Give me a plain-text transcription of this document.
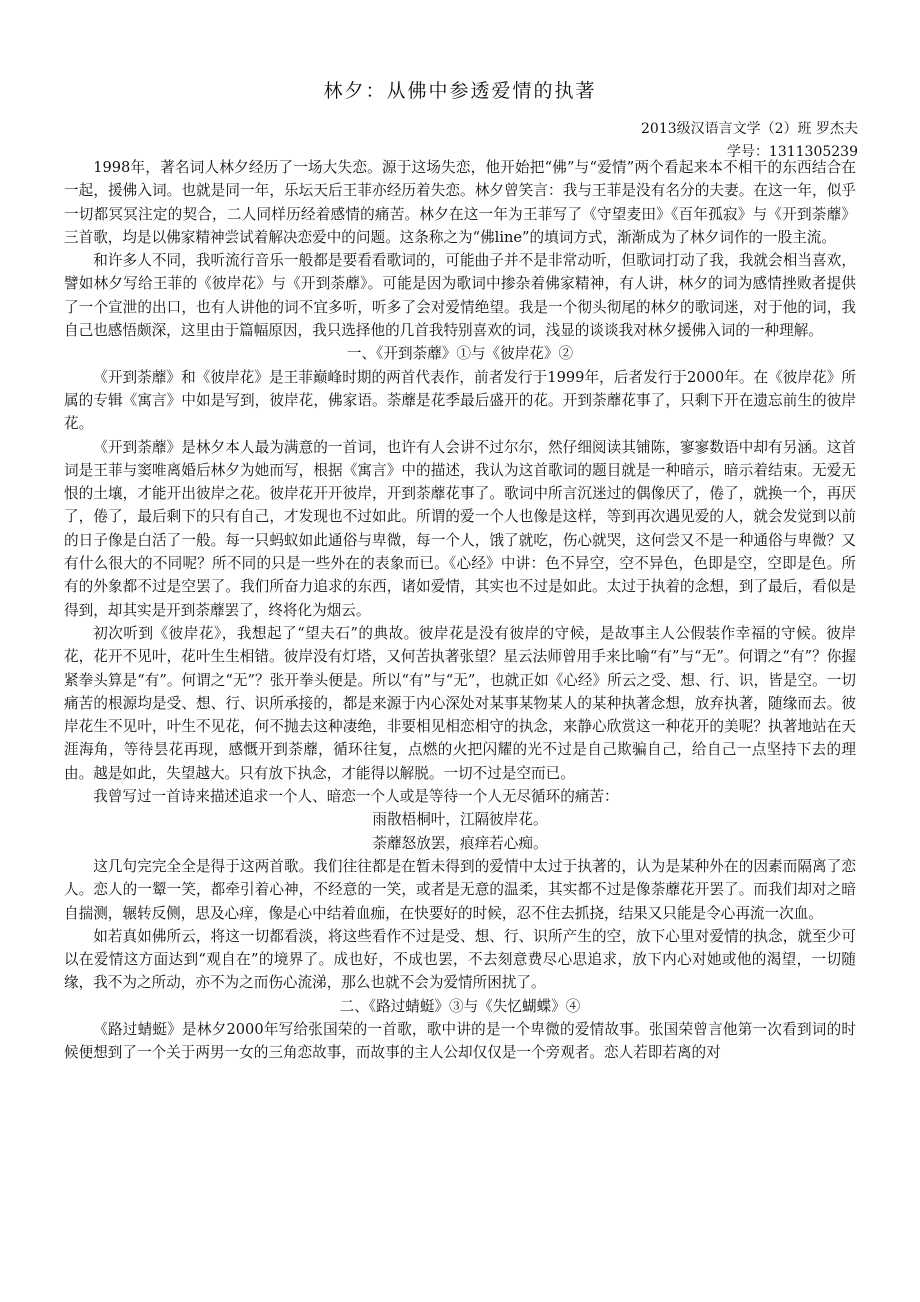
林夕：从佛中参透爱情的执著
2013级汉语言文学（2）班 罗杰夫
学号：1311305239

1998年，著名词人林夕经历了一场大失恋。源于这场失恋，他开始把“佛”与“爱情”两个看起来本不相干的东西结合在一起，援佛入词。也就是同一年，乐坛天后王菲亦经历着失恋。林夕曾笑言：我与王菲是没有名分的夫妻。在这一年，似乎一切都冥冥注定的契合，二人同样历经着感情的痛苦。林夕在这一年为王菲写了《守望麦田》《百年孤寂》与《开到荼蘼》三首歌，均是以佛家精神尝试着解决恋爱中的问题。这条称之为“佛line”的填词方式，渐渐成为了林夕词作的一股主流。

和许多人不同，我听流行音乐一般都是要看看歌词的，可能曲子并不是非常动听，但歌词打动了我，我就会相当喜欢，譬如林夕写给王菲的《彼岸花》与《开到荼蘼》。可能是因为歌词中掺杂着佛家精神，有人讲，林夕的词为感情挫败者提供了一个宣泄的出口，也有人讲他的词不宜多听，听多了会对爱情绝望。我是一个彻头彻尾的林夕的歌词迷，对于他的词，我自己也感悟颇深，这里由于篇幅原因，我只选择他的几首我特别喜欢的词，浅显的谈谈我对林夕援佛入词的一种理解。

一、《开到荼蘼》①与《彼岸花》②

《开到荼蘼》和《彼岸花》是王菲巅峰时期的两首代表作，前者发行于1999年，后者发行于2000年。在《彼岸花》所属的专辑《寓言》中如是写到，彼岸花，佛家语。荼蘼是花季最后盛开的花。开到荼蘼花事了，只剩下开在遗忘前生的彼岸花。

《开到荼蘼》是林夕本人最为满意的一首词，也许有人会讲不过尔尔，然仔细阅读其铺陈，寥寥数语中却有另涵。这首词是王菲与窦唯离婚后林夕为她而写，根据《寓言》中的描述，我认为这首歌词的题目就是一种暗示，暗示着结束。无爱无恨的土壤，才能开出彼岸之花。彼岸花开开彼岸，开到荼蘼花事了。歌词中所言沉迷过的偶像厌了，倦了，就换一个，再厌了，倦了，最后剩下的只有自己，才发现也不过如此。所谓的爱一个人也像是这样，等到再次遇见爱的人，就会发觉到以前的日子像是白活了一般。每一只蚂蚁如此通俗与卑微，每一个人，饿了就吃，伤心就哭，这何尝又不是一种通俗与卑微？又有什么很大的不同呢？所不同的只是一些外在的表象而已。《心经》中讲：色不异空，空不异色，色即是空，空即是色。所有的外象都不过是空罢了。我们所奋力追求的东西，诸如爱情，其实也不过是如此。太过于执着的念想，到了最后，看似是得到，却其实是开到荼蘼罢了，终将化为烟云。

初次听到《彼岸花》，我想起了“望夫石”的典故。彼岸花是没有彼岸的守候，是故事主人公假装作幸福的守候。彼岸花，花开不见叶，花叶生生相错。彼岸没有灯塔，又何苦执著张望？星云法师曾用手来比喻“有”与“无”。何谓之“有”？你握紧拳头算是“有”。何谓之“无”？张开拳头便是。所以“有”与“无”，也就正如《心经》所云之受、想、行、识，皆是空。一切痛苦的根源均是受、想、行、识所承接的，都是来源于内心深处对某事某物某人的某种执著念想，放弃执著，随缘而去。彼岸花生不见叶，叶生不见花，何不抛去这种凄绝，非要相见相恋相守的执念，来静心欣赏这一种花开的美呢？执著地站在天涯海角，等待昙花再现，感慨开到荼蘼，循环往复，点燃的火把闪耀的光不过是自己欺骗自己，给自己一点坚持下去的理由。越是如此，失望越大。只有放下执念，才能得以解脱。一切不过是空而已。

我曾写过一首诗来描述追求一个人、暗恋一个人或是等待一个人无尽循环的痛苦：

雨散梧桐叶，江隔彼岸花。

荼蘼怒放罢，痕痒若心痴。

这几句完完全全是得于这两首歌。我们往往都是在暂未得到的爱情中太过于执著的，认为是某种外在的因素而隔离了恋人。恋人的一颦一笑，都牵引着心神，不经意的一笑，或者是无意的温柔，其实都不过是像荼蘼花开罢了。而我们却对之暗自揣测，辗转反侧，思及心痒，像是心中结着血痂，在快要好的时候，忍不住去抓挠，结果又只能是令心再流一次血。

如若真如佛所云，将这一切都看淡，将这些看作不过是受、想、行、识所产生的空，放下心里对爱情的执念，就至少可以在爱情这方面达到“观自在”的境界了。成也好，不成也罢，不去刻意费尽心思追求，放下内心对她或他的渴望，一切随缘，我不为之所动，亦不为之而伤心流涕，那么也就不会为爱情所困扰了。

二、《路过蜻蜓》③与《失忆蝴蝶》④

《路过蜻蜓》是林夕2000年写给张国荣的一首歌，歌中讲的是一个卑微的爱情故事。张国荣曾言他第一次看到词的时候便想到了一个关于两男一女的三角恋故事，而故事的主人公却仅仅是一个旁观者。恋人若即若离的对
